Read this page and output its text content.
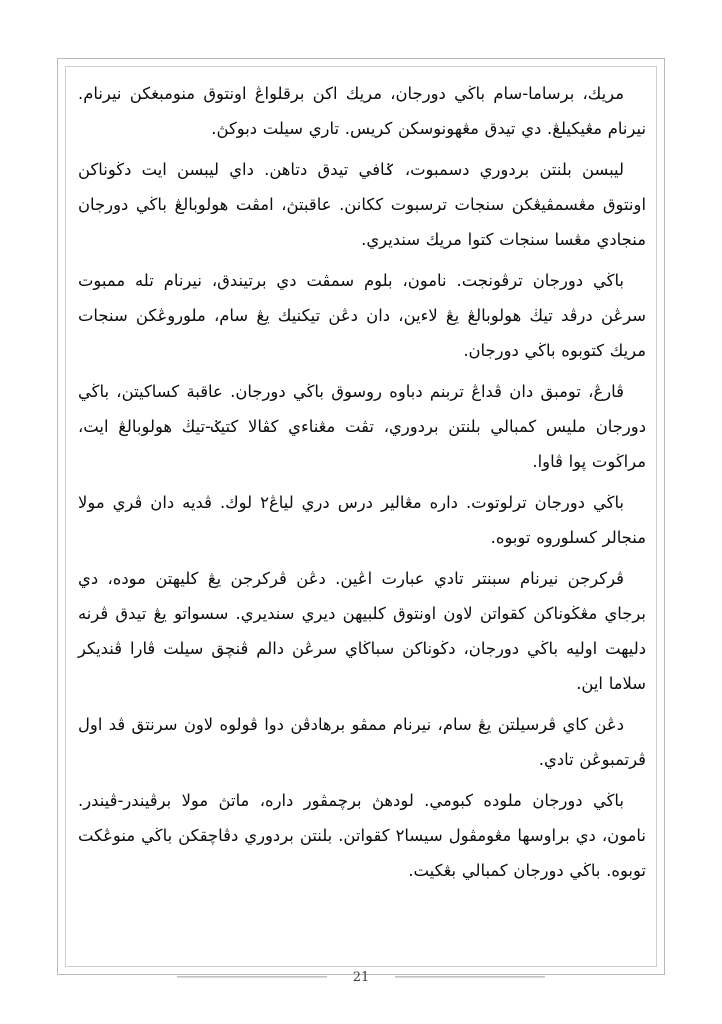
مريك، برساما-سام باڬي دورجان، مريك اكن برقلواڠ اونتوق منومبغكن نيرنام. نيرنام مڠيكيلڠ. دي تيدق مڠهونوسكن كريس. تاري سيلت دبوكڽ.

ليبسن بلنتن بردوري دسمبوت، ݢافي تيدق دتاهن. داي ليبسن ايت دڬوناكن اونتوق مڠسمڤيڠكن سنجات ترسبوت ككانن. عاقبتڽ، امڤت هولوبالڠ باڬي دورجان منجادي مڠسا سنجات كتوا مريك سنديري.

باڬي دورجان ترڤونجت. نامون، بلوم سمڤت دي برتيندق، نيرنام تله ممبوت سرڠن درڤد تيڬ هولوبالڠ يڠ لاءين، دان دڠن تيكنيك يڠ سام، ملوروڠكن سنجات مريك كتوبوه باڬي دورجان.

ڤارڠ، تومبق دان ڤداڠ تربنم دباوه روسوق باڬي دورجان. عاقبة كساكيتن، باڬي دورجان مليس كمبالي بلنتن بردوري، تڤت مڠناءي كڤالا كتيݢ-تيڬ هولوبالڠ ايت، مراڬوت ڽوا ڤاوا.

باڬي دورجان ترلوتوت. داره مڠالير درس دري لياڠ٢ لوك. ڤديه دان ڤري مولا منجالر كسلوروه توبوه.

ڤرکرجن نيرنام سبنتر تادي عبارت اڠين. دڠن ڤرکرجن يڠ كليهتن موده، دي برجاي مڠڬوناكن كقواتن لاون اونتوق كلبيهن ديري سنديري. سسواتو يڠ تيدق ڤرنه دليهت اوليه باڬي دورجان، دڬوناكن سباڬاي سرڠن دالم ڤنچق سيلت ڤارا ڤنديكر سلاما اين.

دڠن كاي ڤرسيلتن يڠ سام، نيرنام ممڤو برهادڤن دوا ڤولوه لاون سرنتق ڤد اول ڤرتمبوڠن تادي.

باڬي دورجان ملوده كبومي. لودهڽ برچمڤور داره، ماتڽ مولا برڤيندر-ڤيندر. نامون، دي براوسها مڠومڤول سيسا٢ كقواتن. بلنتن بردوري دڤاچقكن باڬي منوڠكت توبوه. باڬي دورجان كمبالي بڠكيت.

21
